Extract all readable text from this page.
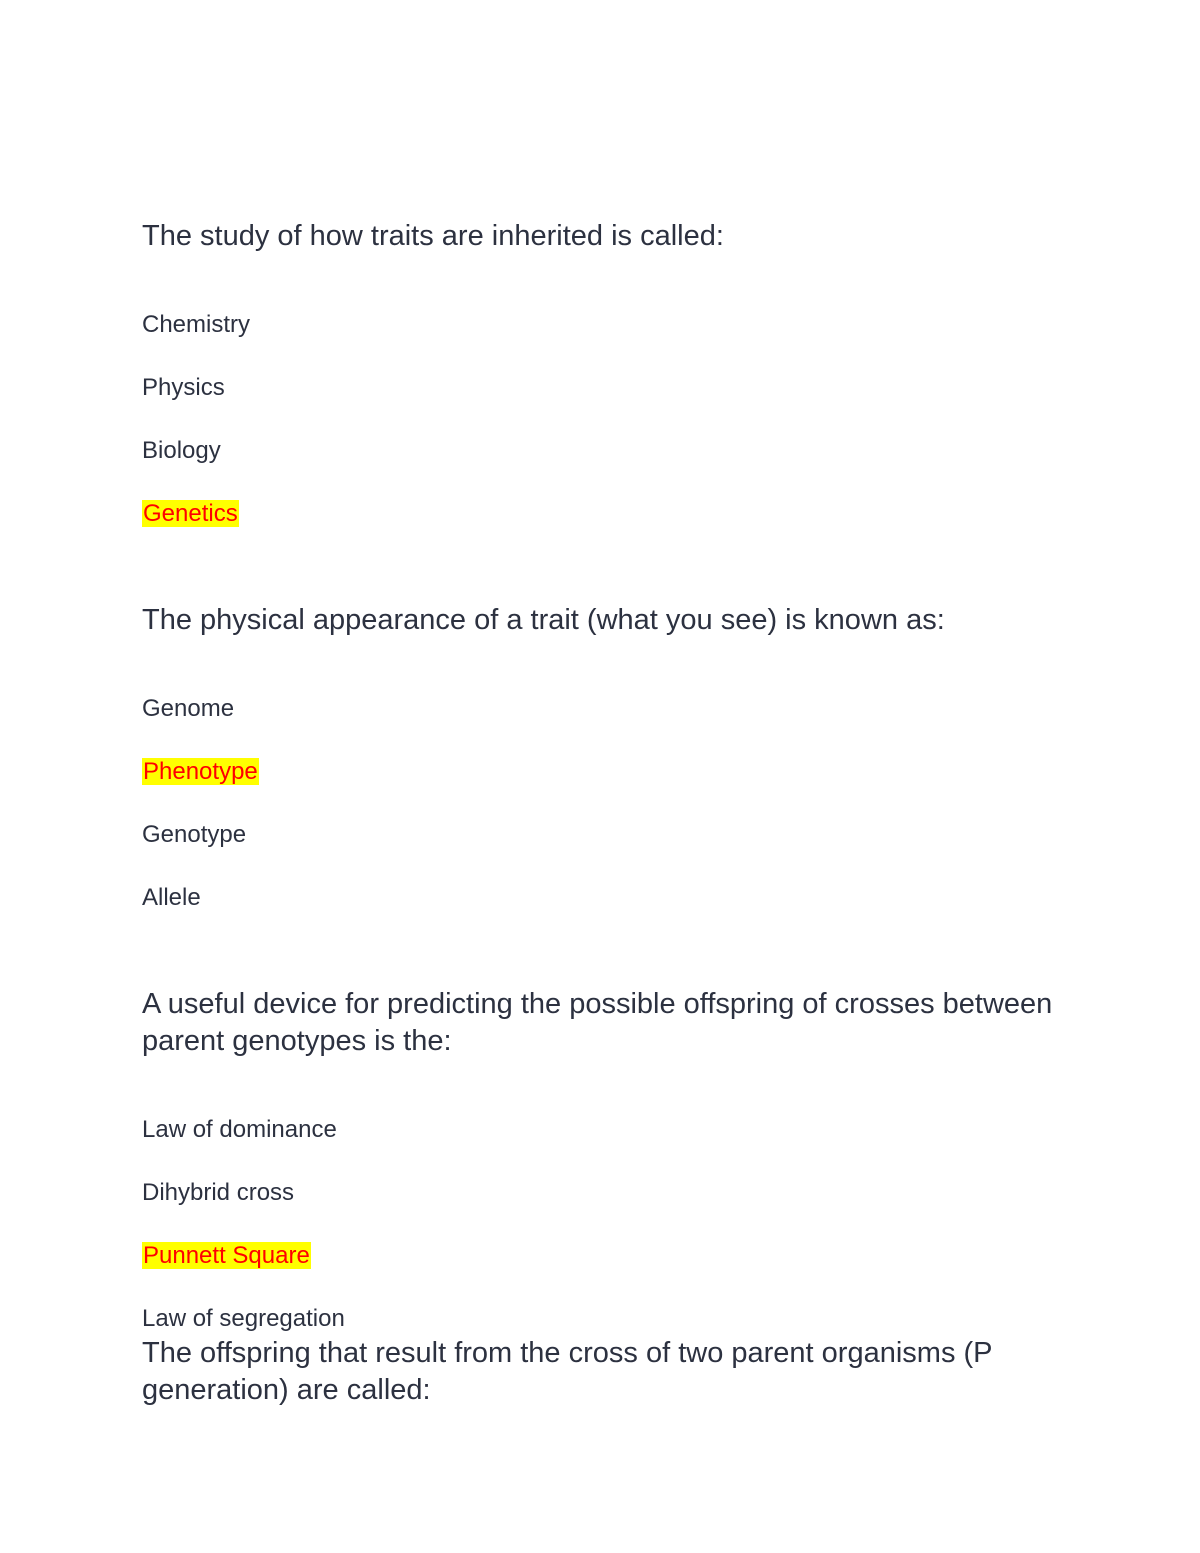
The study of how traits are inherited is called:

Chemistry

Physics

Biology

Genetics

The physical appearance of a trait (what you see) is known as:

Genome

Phenotype

Genotype

Allele

A useful device for predicting the possible offspring of crosses between parent genotypes is the:

Law of dominance

Dihybrid cross

Punnett Square

Law of segregation

The offspring that result from the cross of two parent organisms (P generation) are called:
